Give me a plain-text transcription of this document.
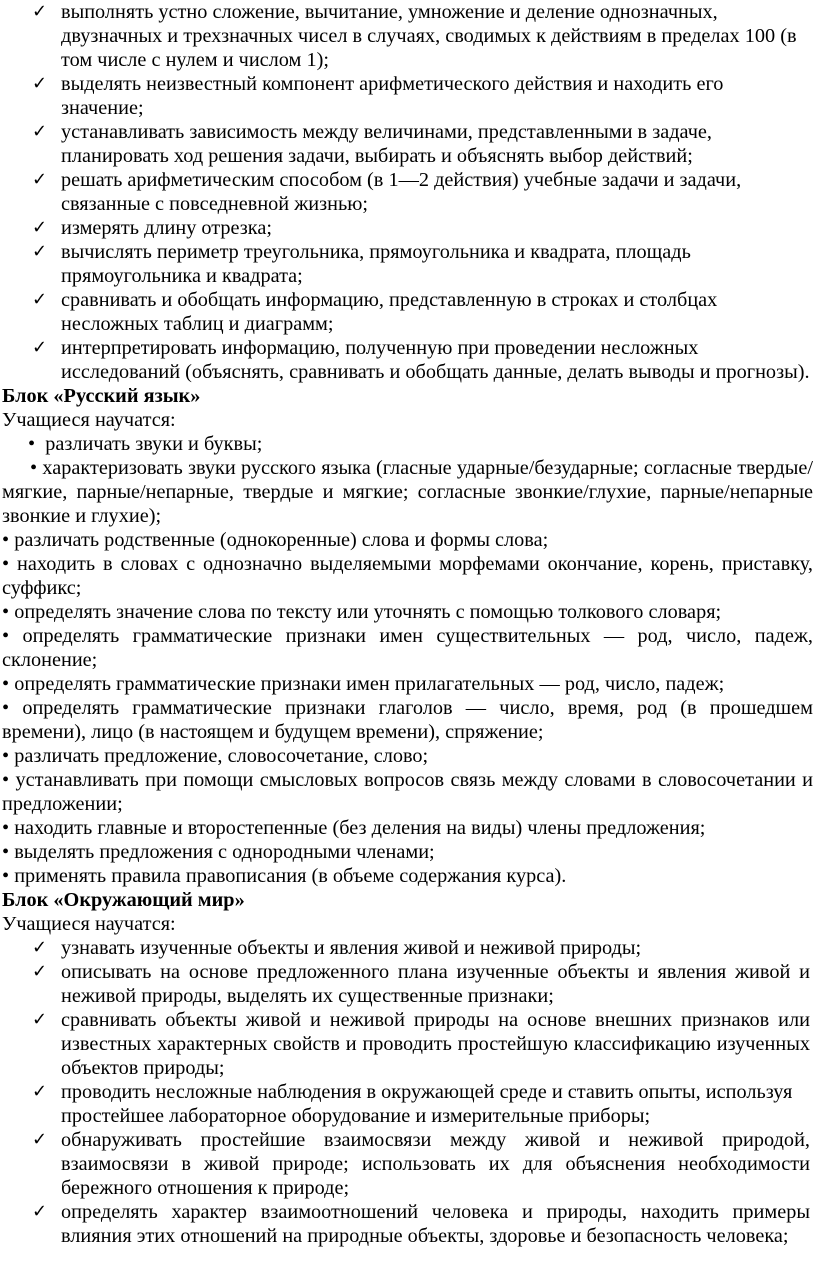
✓ выполнять устно сложение, вычитание, умножение и деление однозначных, двузначных и трехзначных чисел в случаях, сводимых к действиям в пределах 100 (в том числе с нулем и числом 1);
✓ выделять неизвестный компонент арифметического действия и находить его значение;
✓ устанавливать зависимость между величинами, представленными в задаче, планировать ход решения задачи, выбирать и объяснять выбор действий;
✓ решать арифметическим способом (в 1—2 действия) учебные задачи и задачи, связанные с повседневной жизнью;
✓ измерять длину отрезка;
✓ вычислять периметр треугольника, прямоугольника и квадрата, площадь прямоугольника и квадрата;
✓ сравнивать и обобщать информацию, представленную в строках и столбцах несложных таблиц и диаграмм;
✓ интерпретировать информацию, полученную при проведении несложных исследований (объяснять, сравнивать и обобщать данные, делать выводы и прогнозы).
Блок «Русский язык»
Учащиеся научатся:
• различать звуки и буквы;
• характеризовать звуки русского языка (гласные ударные/безударные; согласные твердые/мягкие, парные/непарные, твердые и мягкие; согласные звонкие/глухие, парные/непарные звонкие и глухие);
• различать родственные (однокоренные) слова и формы слова;
• находить в словах с однозначно выделяемыми морфемами окончание, корень, приставку, суффикс;
• определять значение слова по тексту или уточнять с помощью толкового словаря;
• определять грамматические признаки имен существительных — род, число, падеж, склонение;
• определять грамматические признаки имен прилагательных — род, число, падеж;
• определять грамматические признаки глаголов — число, время, род (в прошедшем времени), лицо (в настоящем и будущем времени), спряжение;
• различать предложение, словосочетание, слово;
• устанавливать при помощи смысловых вопросов связь между словами в словосочетании и предложении;
• находить главные и второстепенные (без деления на виды) члены предложения;
• выделять предложения с однородными членами;
• применять правила правописания (в объеме содержания курса).
Блок «Окружающий мир»
Учащиеся научатся:
✓ узнавать изученные объекты и явления живой и неживой природы;
✓ описывать на основе предложенного плана изученные объекты и явления живой и неживой природы, выделять их существенные признаки;
✓ сравнивать объекты живой и неживой природы на основе внешних признаков или известных характерных свойств и проводить простейшую классификацию изученных объектов природы;
✓ проводить несложные наблюдения в окружающей среде и ставить опыты, используя простейшее лабораторное оборудование и измерительные приборы;
✓ обнаруживать простейшие взаимосвязи между живой и неживой природой, взаимосвязи в живой природе; использовать их для объяснения необходимости бережного отношения к природе;
✓ определять характер взаимоотношений человека и природы, находить примеры влияния этих отношений на природные объекты, здоровье и безопасность человека;
